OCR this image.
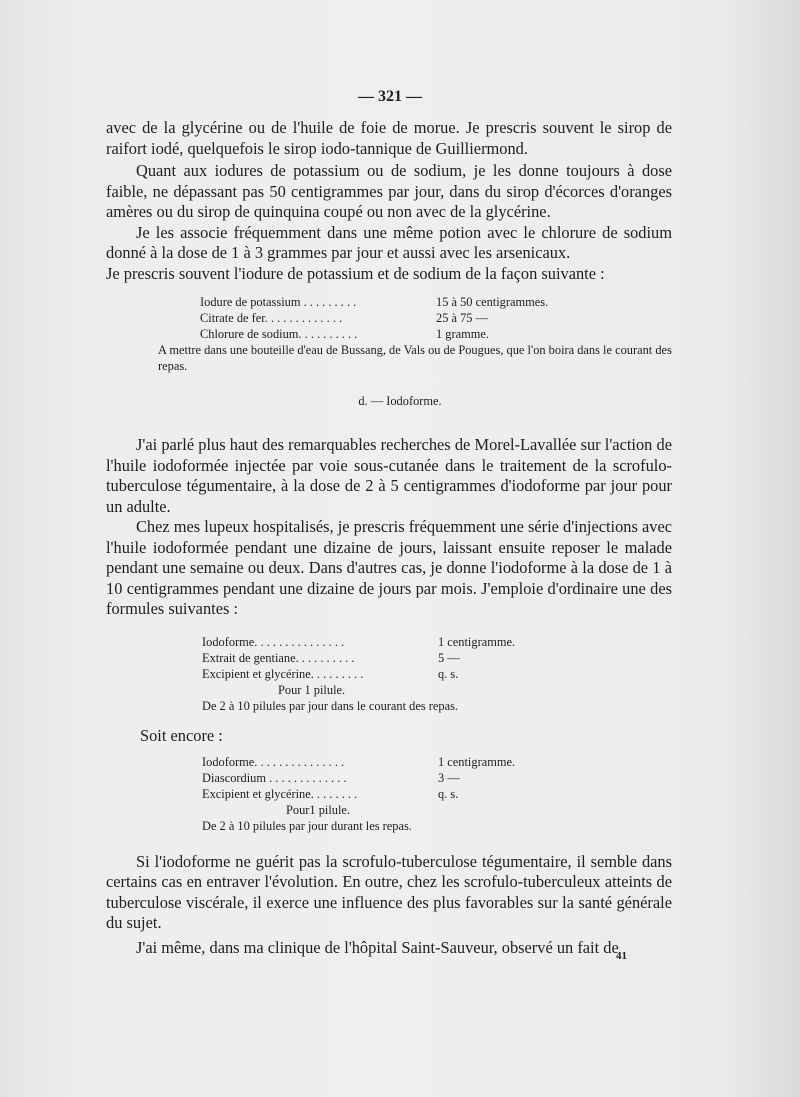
— 321 —

avec de la glycérine ou de l'huile de foie de morue. Je prescris souvent le sirop de raifort iodé, quelquefois le sirop iodo-tannique de Guilliermond.

Quant aux iodures de potassium ou de sodium, je les donne toujours à dose faible, ne dépassant pas 50 centigrammes par jour, dans du sirop d'écorces d'oranges amères ou du sirop de quinquina coupé ou non avec de la glycérine.

Je les associe fréquemment dans une même potion avec le chlorure de sodium donné à la dose de 1 à 3 grammes par jour et aussi avec les arsenicaux.

Je prescris souvent l'iodure de potassium et de sodium de la façon suivante :

Iodure de potassium . . . . . . . . .	15 à 50 centigrammes.
Citrate de fer. . . . . . . . . . . . .	25 à 75 —
Chlorure de sodium. . . . . . . . . .	1 gramme.
A mettre dans une bouteille d'eau de Bussang, de Vals ou de Pougues, que l'on boira dans le courant des repas.
d. — Iodoforme.

J'ai parlé plus haut des remarquables recherches de Morel-Lavallée sur l'action de l'huile iodoformée injectée par voie sous-cutanée dans le traitement de la scrofulo-tuberculose tégumentaire, à la dose de 2 à 5 centigrammes d'iodoforme par jour pour un adulte.

Chez mes lupeux hospitalisés, je prescris fréquemment une série d'injections avec l'huile iodoformée pendant une dizaine de jours, laissant ensuite reposer le malade pendant une semaine ou deux. Dans d'autres cas, je donne l'iodoforme à la dose de 1 à 10 centigrammes pendant une dizaine de jours par mois. J'emploie d'ordinaire une des formules suivantes :

Iodoforme. . . . . . . . . . . . . . .	1 centigramme.
Extrait de gentiane. . . . . . . . . .	5 —
Excipient et glycérine. . . . . . . . .	q. s.
Pour 1 pilule.
De 2 à 10 pilules par jour dans le courant des repas.
Soit encore :
Iodoforme. . . . . . . . . . . . . . .	1 centigramme.
Diascordium . . . . . . . . . . . . .	3 —
Excipient et glycérine. . . . . . . .	q. s.
Pour1 pilule.
De 2 à 10 pilules par jour durant les repas.

Si l'iodoforme ne guérit pas la scrofulo-tuberculose tégumentaire, il semble dans certains cas en entraver l'évolution. En outre, chez les scrofulo-tuberculeux atteints de tuberculose viscérale, il exerce une influence des plus favorables sur la santé générale du sujet.

J'ai même, dans ma clinique de l'hôpital Saint-Sauveur, observé un fait de

41
